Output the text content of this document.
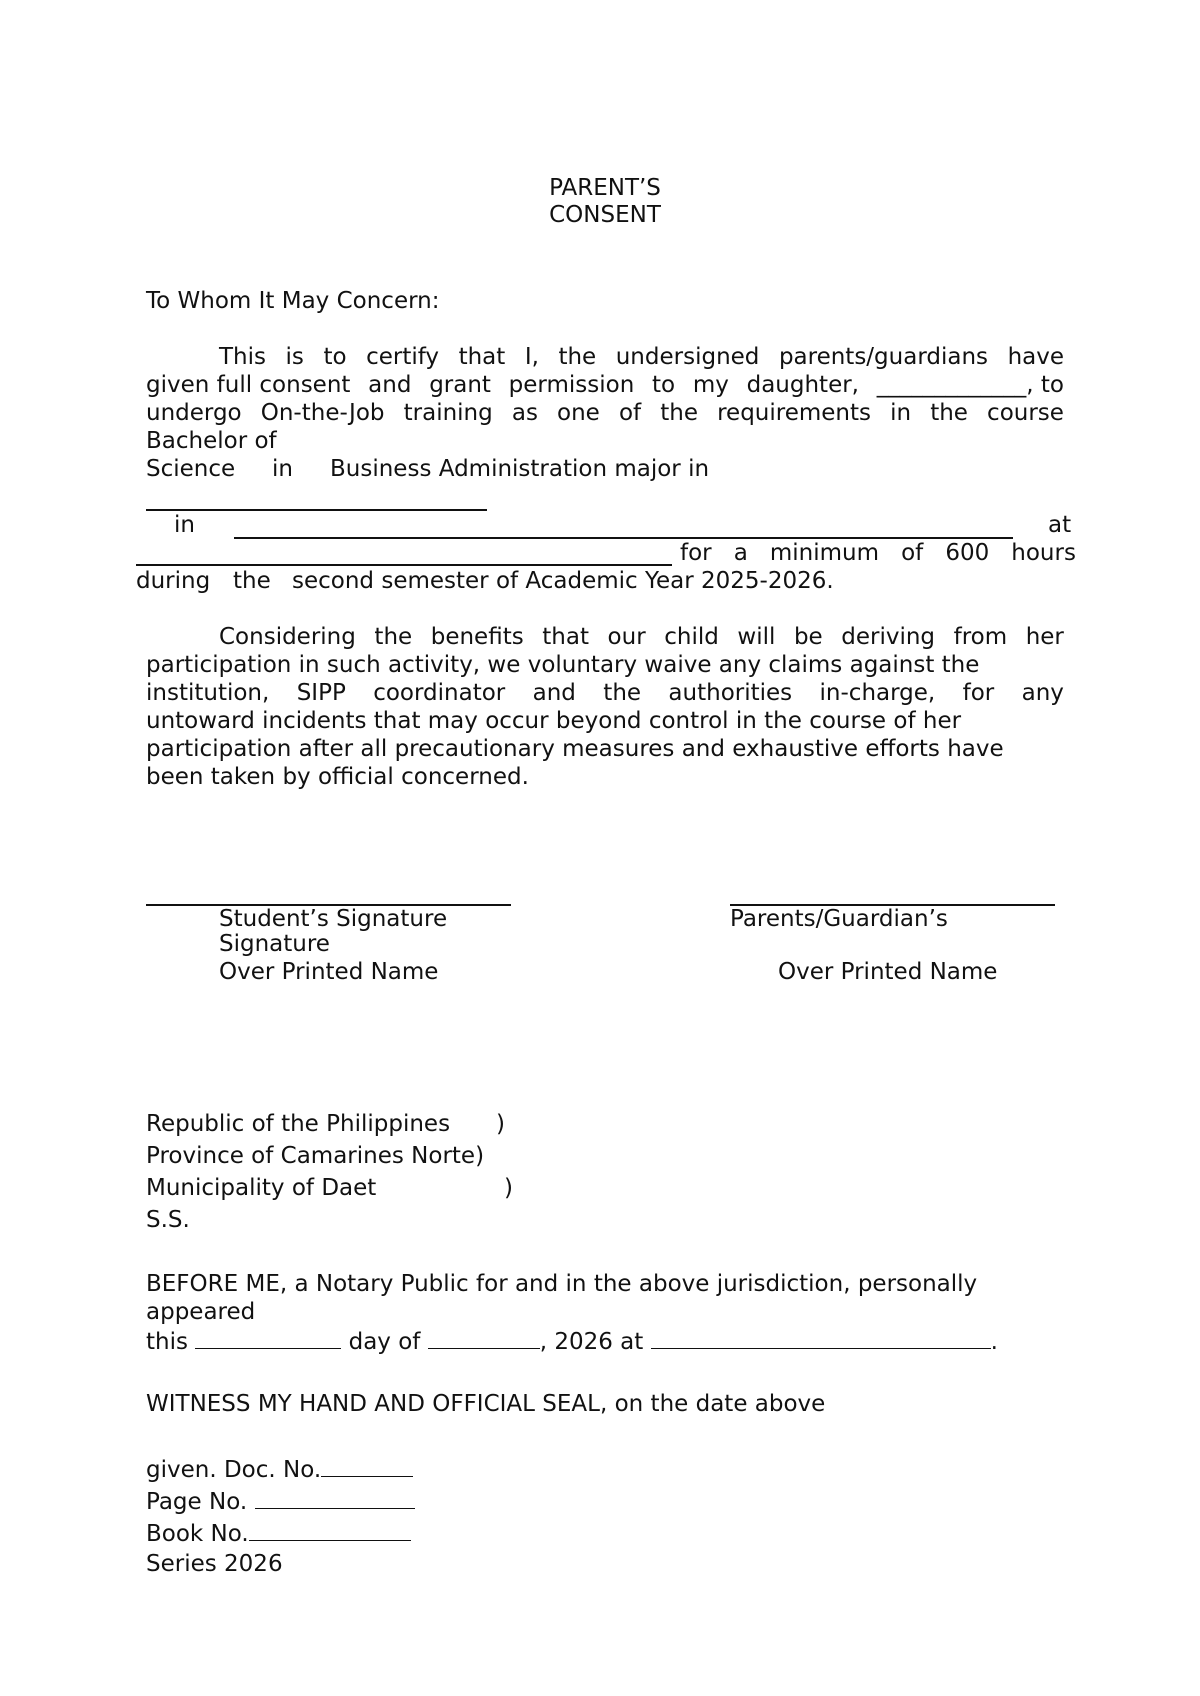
PARENT’S
CONSENT
To Whom It May Concern:
This is to certify that I, the undersigned parents/guardians have
given full consent and grant permission to my daughter, _____________, to
undergo On-the-Job training as one of the requirements in the course
Bachelor of
Science in Business Administration major in
in	at
for a minimum of 600 hours
during the second semester of Academic Year 2025-2026.
Considering the benefits that our child will be deriving from her
participation in such activity, we voluntary waive any claims against the
institution, SIPP coordinator and the authorities in-charge, for any
untoward incidents that may occur beyond control in the course of her
participation after all precautionary measures and exhaustive efforts have
been taken by official concerned.
Student’s Signature
Signature
Over Printed Name
Parents/Guardian’s
Over Printed Name
Republic of the Philippines )
Province of Camarines Norte)
Municipality of Daet	)
S.S.
BEFORE ME, a Notary Public for and in the above jurisdiction, personally
appeared
this	day of	, 2026 at	.
WITNESS MY HAND AND OFFICIAL SEAL, on the date above
given. Doc. No.
Page No.
Book No.
Series 2026
